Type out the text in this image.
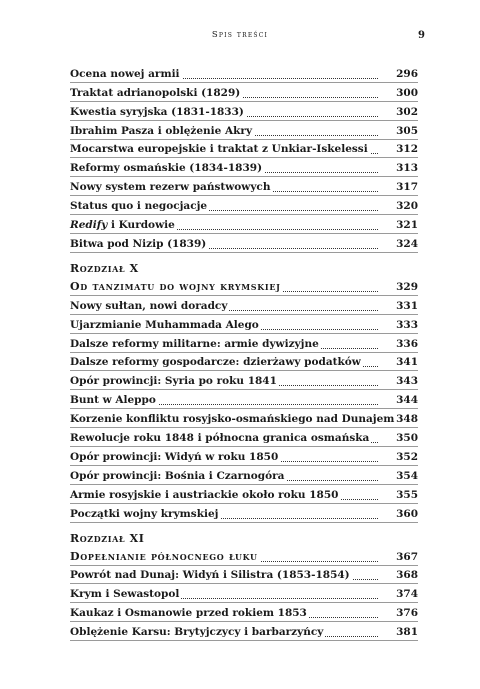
Spis treści	9
Ocena nowej armii	296
Traktat adrianopolski (1829)	300
Kwestia syryjska (1831-1833)	302
Ibrahim Pasza i oblężenie Akry	305
Mocarstwa europejskie i traktat z Unkiar-Iskelessi	312
Reformy osmańskie (1834-1839)	313
Nowy system rezerw państwowych	317
Status quo i negocjacje	320
Redify i Kurdowie	321
Bitwa pod Nizip (1839)	324
Rozdział X
Od tanzimatu do wojny krymskiej	329
Nowy sułtan, nowi doradcy	331
Ujarzmianie Muhammada Alego	333
Dalsze reformy militarne: armie dywizyjne	336
Dalsze reformy gospodarcze: dzierżawy podatków	341
Opór prowincji: Syria po roku 1841	343
Bunt w Aleppo	344
Korzenie konfliktu rosyjsko-osmańskiego nad Dunajem 348
Rewolucje roku 1848 i północna granica osmańska	350
Opór prowincji: Widyń w roku 1850	352
Opór prowincji: Bośnia i Czarnogóra	354
Armie rosyjskie i austriackie około roku 1850	355
Początki wojny krymskiej	360
Rozdział XI
Dopełnianie północnego łuku	367
Powrót nad Dunaj: Widyń i Silistra (1853-1854)	368
Krym i Sewastopol	374
Kaukaz i Osmanowie przed rokiem 1853	376
Oblężenie Karsu: Brytyjczycy i barbarzyńcy	381
